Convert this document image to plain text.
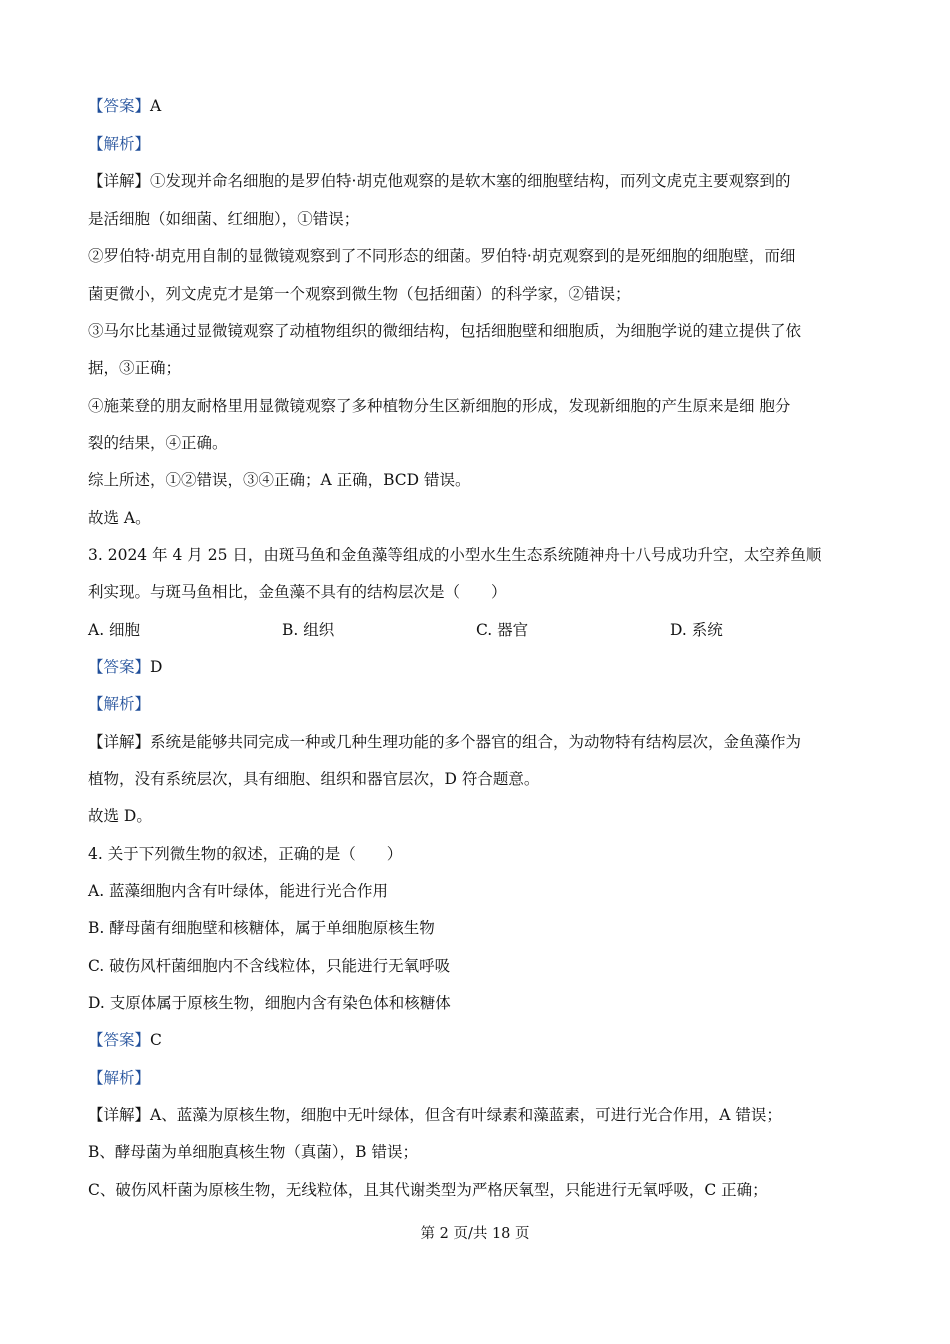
【答案】A
【解析】
【详解】①发现并命名细胞的是罗伯特·胡克他观察的是软木塞的细胞壁结构，而列文虎克主要观察到的
是活细胞（如细菌、红细胞），①错误；
②罗伯特·胡克用自制的显微镜观察到了不同形态的细菌。罗伯特·胡克观察到的是死细胞的细胞壁，而细
菌更微小，列文虎克才是第一个观察到微生物（包括细菌）的科学家，②错误；
③马尔比基通过显微镜观察了动植物组织的微细结构，包括细胞壁和细胞质，为细胞学说的建立提供了依
据，③正确；
④施莱登的朋友耐格里用显微镜观察了多种植物分生区新细胞的形成，发现新细胞的产生原来是细 胞分
裂的结果，④正确。
综上所述，①②错误，③④正确；A 正确，BCD 错误。
故选 A。
3. 2024 年 4 月 25 日，由斑马鱼和金鱼藻等组成的小型水生生态系统随神舟十八号成功升空，太空养鱼顺
利实现。与斑马鱼相比，金鱼藻不具有的结构层次是（　　）
A. 细胞	B. 组织	C. 器官	D. 系统
【答案】D
【解析】
【详解】系统是能够共同完成一种或几种生理功能的多个器官的组合，为动物特有结构层次，金鱼藻作为
植物，没有系统层次，具有细胞、组织和器官层次，D 符合题意。
故选 D。
4. 关于下列微生物的叙述，正确的是（　　）
A. 蓝藻细胞内含有叶绿体，能进行光合作用
B. 酵母菌有细胞壁和核糖体，属于单细胞原核生物
C. 破伤风杆菌细胞内不含线粒体，只能进行无氧呼吸
D. 支原体属于原核生物，细胞内含有染色体和核糖体
【答案】C
【解析】
【详解】A、蓝藻为原核生物，细胞中无叶绿体，但含有叶绿素和藻蓝素，可进行光合作用，A 错误；
B、酵母菌为单细胞真核生物（真菌），B 错误；
C、破伤风杆菌为原核生物，无线粒体，且其代谢类型为严格厌氧型，只能进行无氧呼吸，C 正确；
第 2 页/共 18 页
